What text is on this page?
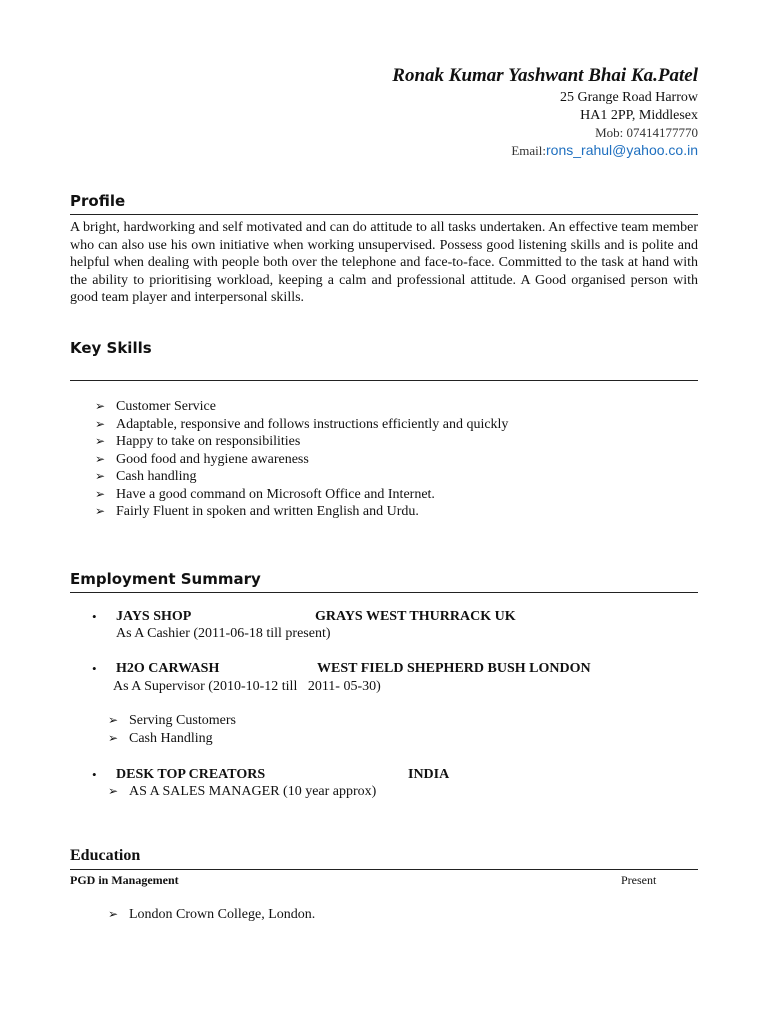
Ronak Kumar Yashwant Bhai Ka.Patel
25 Grange Road Harrow
HA1 2PP, Middlesex
Mob: 07414177770
Email:rons_rahul@yahoo.co.in
Profile
A bright, hardworking and self motivated and can do attitude to all tasks undertaken. An effective team member who can also use his own initiative when working unsupervised. Possess good listening skills and is polite and helpful when dealing with people both over the telephone and face-to-face. Committed to the task at hand with the ability to prioritising workload, keeping a calm and professional attitude. A Good organised person with good team player and interpersonal skills.
Key Skills
➢ Customer Service
➢ Adaptable, responsive and follows instructions efficiently and quickly
➢ Happy to take on responsibilities
➢ Good food and hygiene awareness
➢ Cash handling
➢ Have a good command on Microsoft Office and Internet.
➢ Fairly Fluent in spoken and written English and Urdu.
Employment Summary
• JAYS SHOP	GRAYS WEST THURRACK UK
As A Cashier (2011-06-18 till present)
• H2O CARWASH	WEST FIELD SHEPHERD BUSH LONDON
As A Supervisor (2010-10-12 till   2011- 05-30)
➢ Serving Customers
➢ Cash Handling
• DESK TOP CREATORS	INDIA
➢ AS A SALES MANAGER (10 year approx)
Education
PGD in Management	Present
➢ London Crown College, London.
